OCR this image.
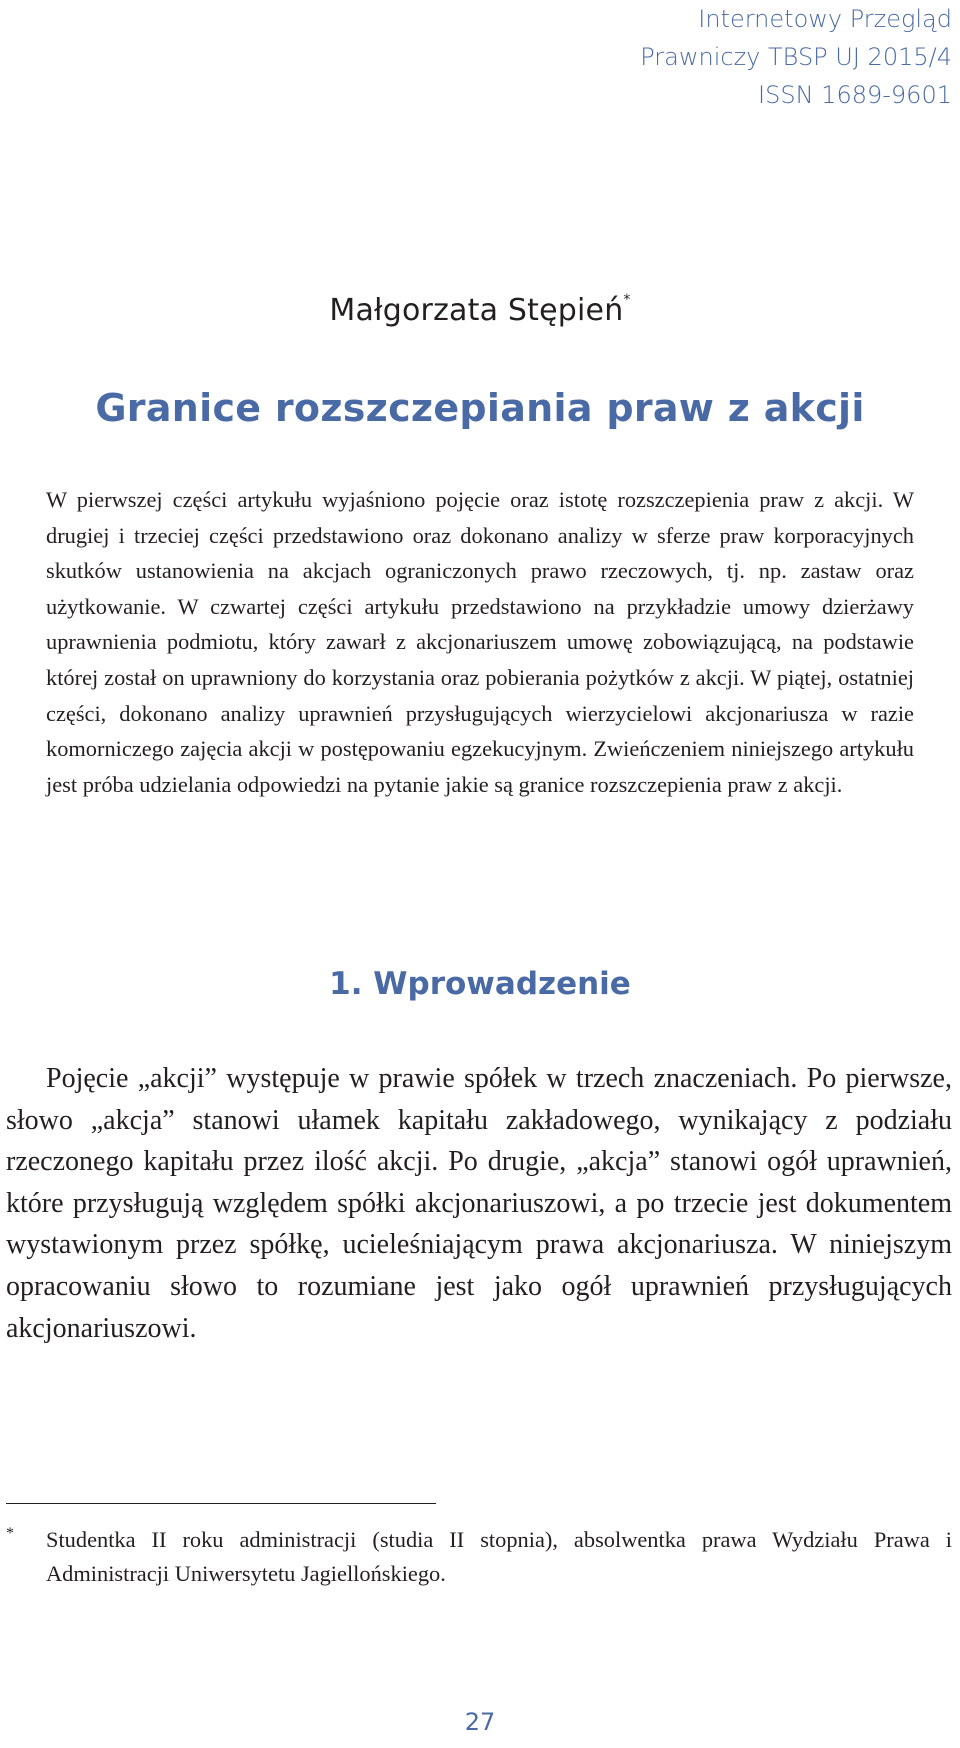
Internetowy Przegląd
Prawniczy TBSP UJ 2015/4
ISSN 1689-9601
Małgorzata Stępień*
Granice rozszczepiania praw z akcji
W pierwszej części artykułu wyjaśniono pojęcie oraz istotę rozszczepienia praw z akcji. W drugiej i trzeciej części przedstawiono oraz dokonano analizy w sferze praw korporacyjnych skutków ustanowienia na akcjach ograniczonych prawo rzeczowych, tj. np. zastaw oraz użytkowanie. W czwartej części artykułu przedstawiono na przykładzie umowy dzierżawy uprawnienia podmiotu, który zawarł z akcjonariuszem umowę zobowiązującą, na podstawie której został on uprawniony do korzystania oraz pobierania pożytków z akcji. W piątej, ostatniej części, dokonano analizy uprawnień przysługujących wierzycielowi akcjonariusza w razie komorniczego zajęcia akcji w postępowaniu egzekucyjnym. Zwieńczeniem niniejszego artykułu jest próba udzielania odpowiedzi na pytanie jakie są granice rozszczepienia praw z akcji.
1. Wprowadzenie
Pojęcie „akcji” występuje w prawie spółek w trzech znaczeniach. Po pierwsze, słowo „akcja” stanowi ułamek kapitału zakładowego, wynikający z podziału rzeczonego kapitału przez ilość akcji. Po drugie, „akcja” stanowi ogół uprawnień, które przysługują względem spółki akcjonariuszowi, a po trzecie jest dokumentem wystawionym przez spółkę, ucieleśniającym prawa akcjonariusza. W niniejszym opracowaniu słowo to rozumiane jest jako ogół uprawnień przysługujących akcjonariuszowi.
* Studentka II roku administracji (studia II stopnia), absolwentka prawa Wydziału Prawa i Administracji Uniwersytetu Jagiellońskiego.
27
